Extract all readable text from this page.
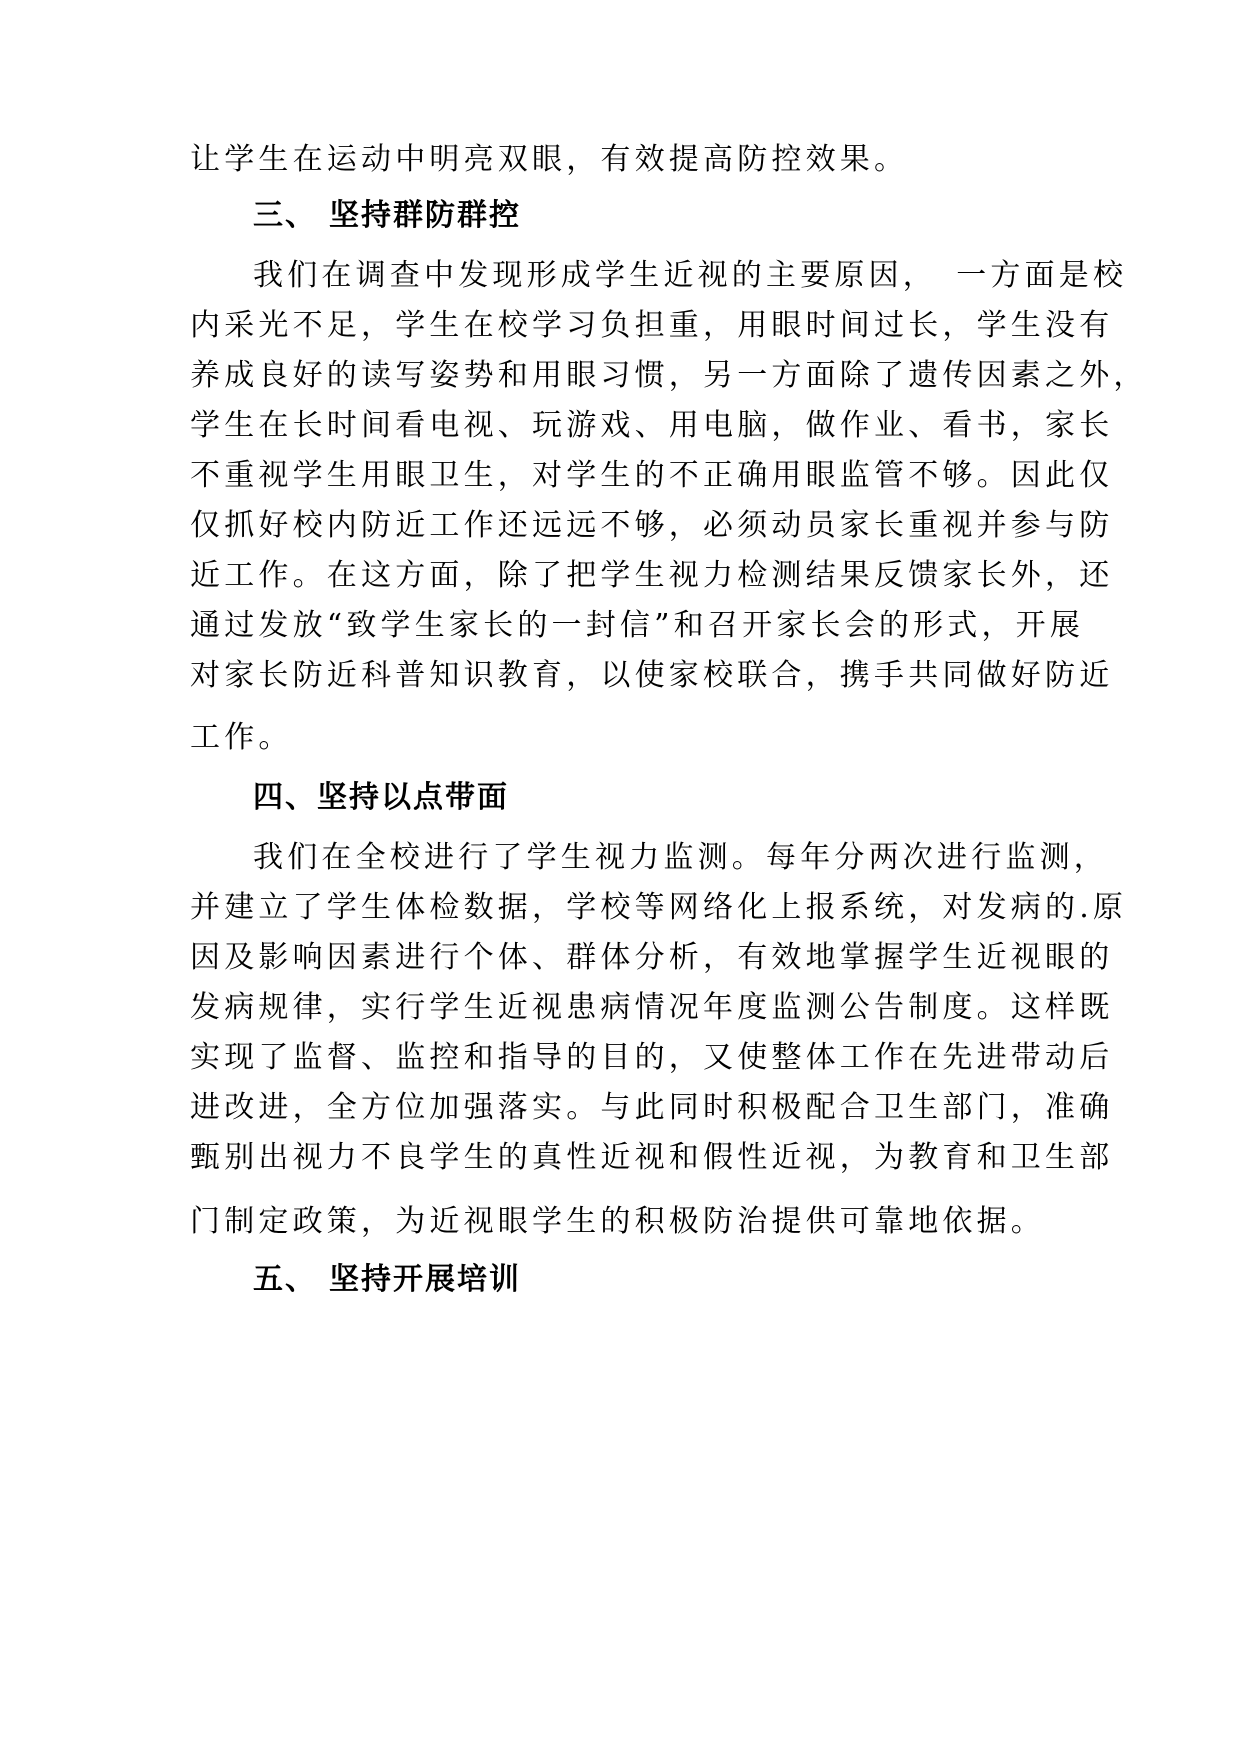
让学生在运动中明亮双眼，有效提高防控效果。
三、 坚持群防群控
我们在调查中发现形成学生近视的主要原因，　一方面是校
内采光不足，学生在校学习负担重，用眼时间过长，学生没有
养成良好的读写姿势和用眼习惯，另一方面除了遗传因素之外，
学生在长时间看电视、玩游戏、用电脑，做作业、看书，家长
不重视学生用眼卫生，对学生的不正确用眼监管不够。因此仅
仅抓好校内防近工作还远远不够，必须动员家长重视并参与防
近工作。在这方面，除了把学生视力检测结果反馈家长外，还
通过发放“致学生家长的一封信”和召开家长会的形式，开展
对家长防近科普知识教育，以使家校联合，携手共同做好防近
工作。
四、坚持以点带面
我们在全校进行了学生视力监测。每年分两次进行监测，
并建立了学生体检数据，学校等网络化上报系统，对发病的.原
因及影响因素进行个体、群体分析，有效地掌握学生近视眼的
发病规律，实行学生近视患病情况年度监测公告制度。这样既
实现了监督、监控和指导的目的，又使整体工作在先进带动后
进改进，全方位加强落实。与此同时积极配合卫生部门，准确
甄别出视力不良学生的真性近视和假性近视，为教育和卫生部
门制定政策，为近视眼学生的积极防治提供可靠地依据。
五、 坚持开展培训
